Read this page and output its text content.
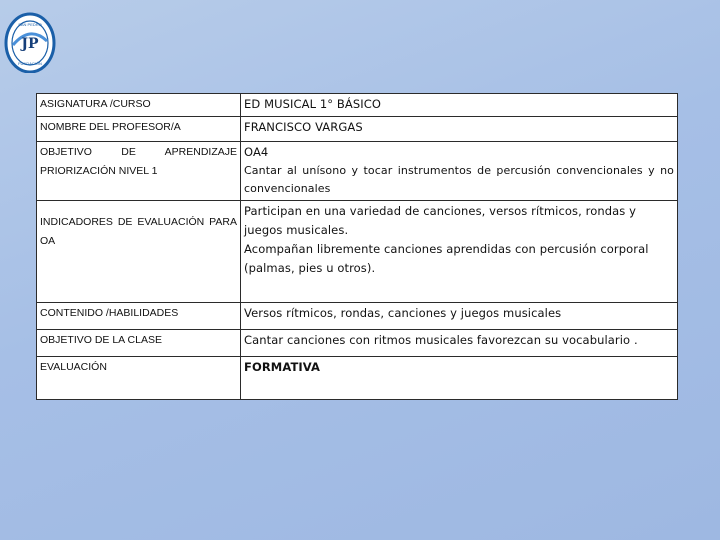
JP
SAN PEDRO
FUNDACIÓN
ASIGNATURA /CURSO	ED MUSICAL 1° BÁSICO
NOMBRE DEL PROFESOR/A	FRANCISCO VARGAS
OBJETIVO DE APRENDIZAJE PRIORIZACIÓN NIVEL 1	OA4
Cantar al unísono y tocar instrumentos de percusión convencionales y no convencionales

INDICADORES DE EVALUACIÓN PARA OA	Participan en una variedad de canciones, versos rítmicos, rondas y juegos musicales.
Acompañan libremente canciones aprendidas con percusión corporal (palmas, pies u otros).

CONTENIDO /HABILIDADES	Versos rítmicos, rondas, canciones y juegos musicales
OBJETIVO DE LA CLASE	Cantar canciones con ritmos musicales favorezcan su vocabulario .
EVALUACIÓN	FORMATIVA
